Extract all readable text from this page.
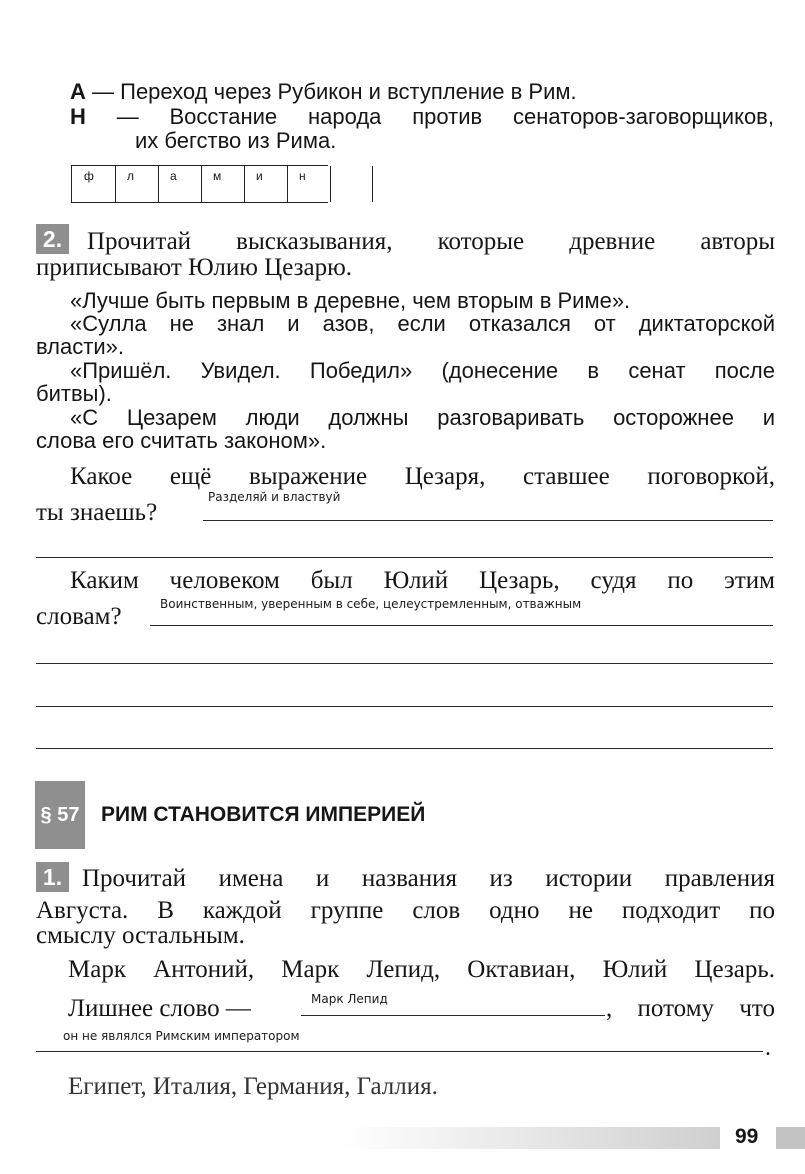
А — Переход через Рубикон и вступление в Рим.
Н — Восстание народа против сенаторов-заговорщиков,
их бегство из Рима.
ф	л	а	м	и	н
2. Прочитай высказывания, которые древние авторы
приписывают Юлию Цезарю.
«Лучше быть первым в деревне, чем вторым в Риме».
«Сулла не знал и азов, если отказался от диктаторской
власти».
«Пришёл. Увидел. Победил» (донесение в сенат после
битвы).
«С Цезарем люди должны разговаривать осторожнее и
слова его считать законом».
Какое ещё выражение Цезаря, ставшее поговоркой,
ты знаешь?
Разделяй и властвуй
Каким человеком был Юлий Цезарь, судя по этим
словам?	Воинственным, уверенным в себе, целеустремленным, отважным
§ 57 РИМ СТАНОВИТСЯ ИМПЕРИЕЙ
1. Прочитай имена и названия из истории правления
Августа. В каждой группе слов одно не подходит по
смыслу остальным.
Марк Антоний, Марк Лепид, Октавиан, Юлий Цезарь.
Лишнее слово —	Марк Лепид	, потому что
он не являлся Римским императором	.
Египет, Италия, Германия, Галлия.
99
